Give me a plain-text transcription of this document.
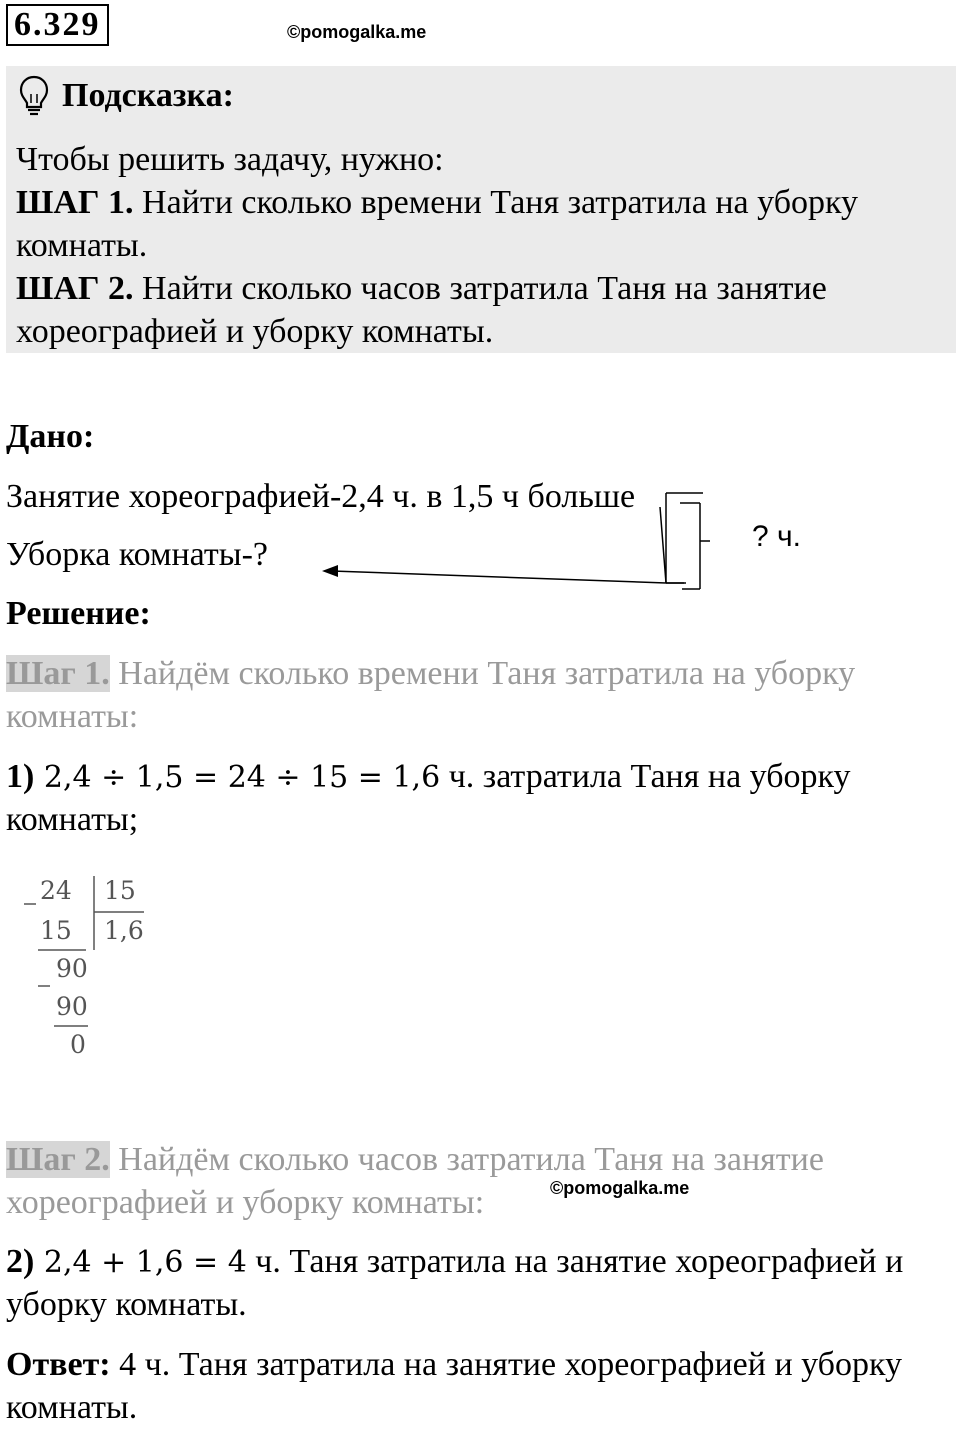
6.329	©pomogalka.me
Подсказка:
Чтобы решить задачу, нужно:
ШАГ 1. Найти сколько времени Таня затратила на уборку
комнаты.
ШАГ 2. Найти сколько часов затратила Таня на занятие
хореографией и уборку комнаты.
Дано:
Занятие хореографией-2,4 ч. в 1,5 ч больше
Уборка комнаты-?	? ч.
Решение:
Шаг 1. Найдём сколько времени Таня затратила на уборку
комнаты:
1) 2,4 ÷ 1,5 = 24 ÷ 15 = 1,6 ч. затратила Таня на уборку
комнаты;
24 15
15 1,6
90
90
0
Шаг 2. Найдём сколько часов затратила Таня на занятие
хореографией и уборку комнаты:	©pomogalka.me
2) 2,4 + 1,6 = 4 ч. Таня затратила на занятие хореографией и
уборку комнаты.
Ответ: 4 ч. Таня затратила на занятие хореографией и уборку
комнаты.
